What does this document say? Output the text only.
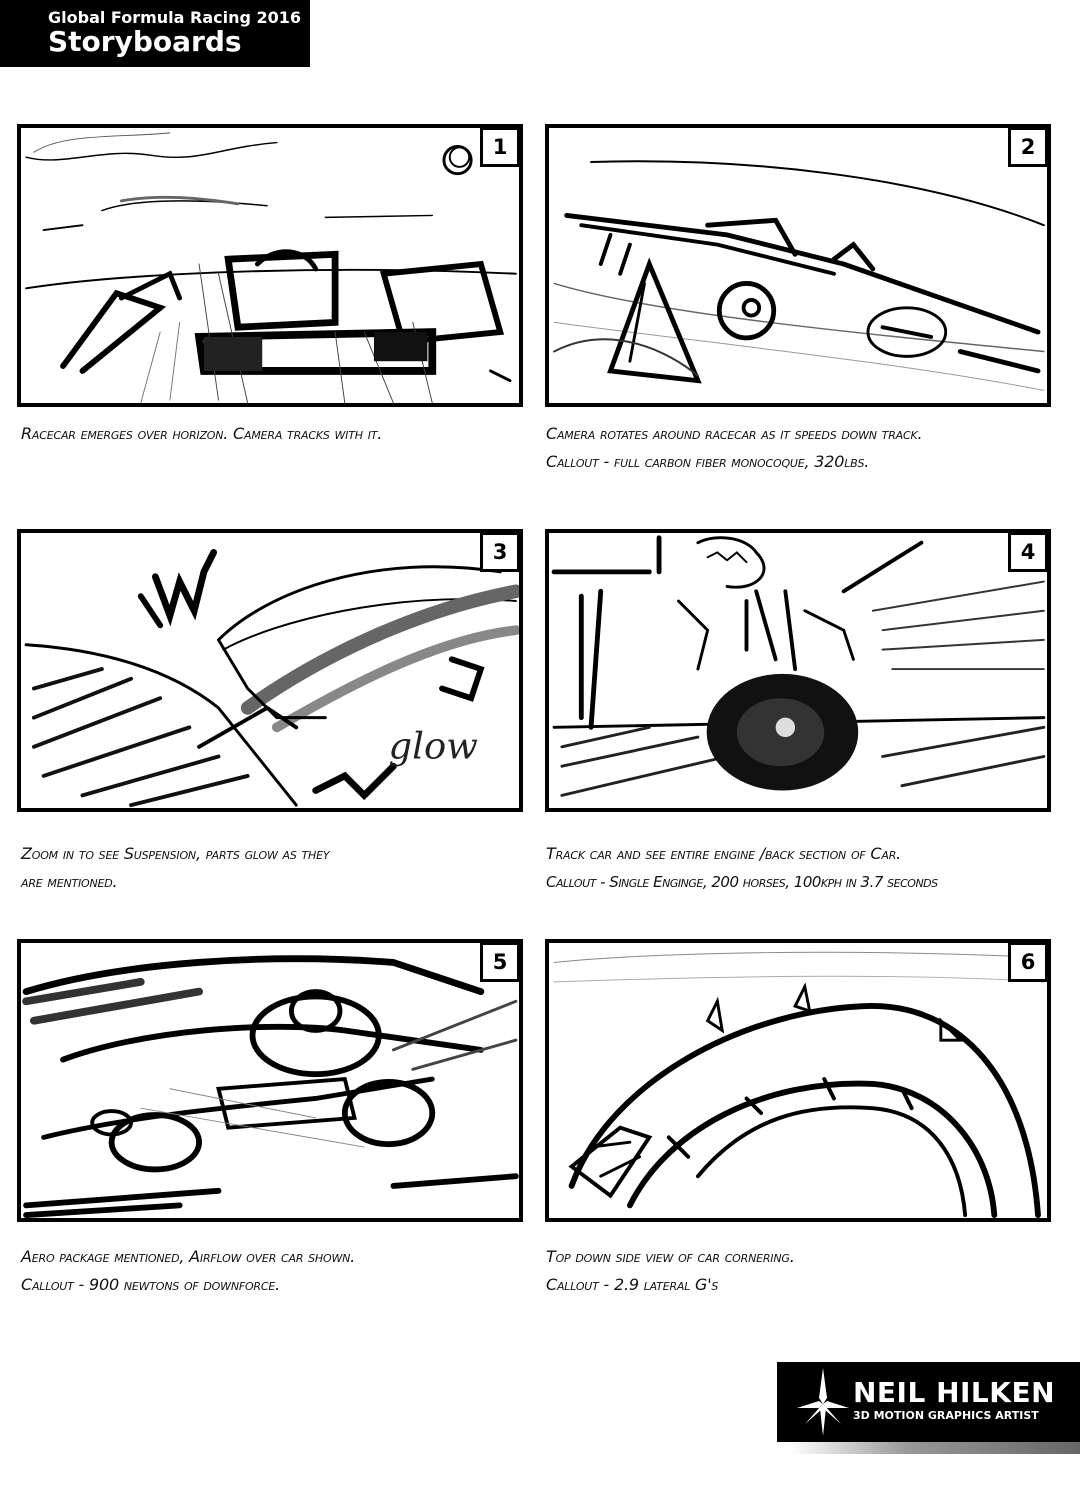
Global Formula Racing 2016
Storyboards
1	2
glow
3	4
5	6
Racecar emerges over horizon. Camera tracks with it.	Camera rotates around racecar as it speeds down track.
Callout - full carbon fiber monocoque, 320lbs.
Zoom in to see Suspension, parts glow as they
are mentioned.
Track car and see entire engine /back section of Car.
Callout - Single Enginge, 200 horses, 100kph in 3.7 seconds
Aero package mentioned, Airflow over car shown.
Callout - 900 newtons of downforce.
Top down side view of car cornering.
Callout - 2.9 lateral G's
NEIL HILKEN
3D MOTION GRAPHICS ARTIST
